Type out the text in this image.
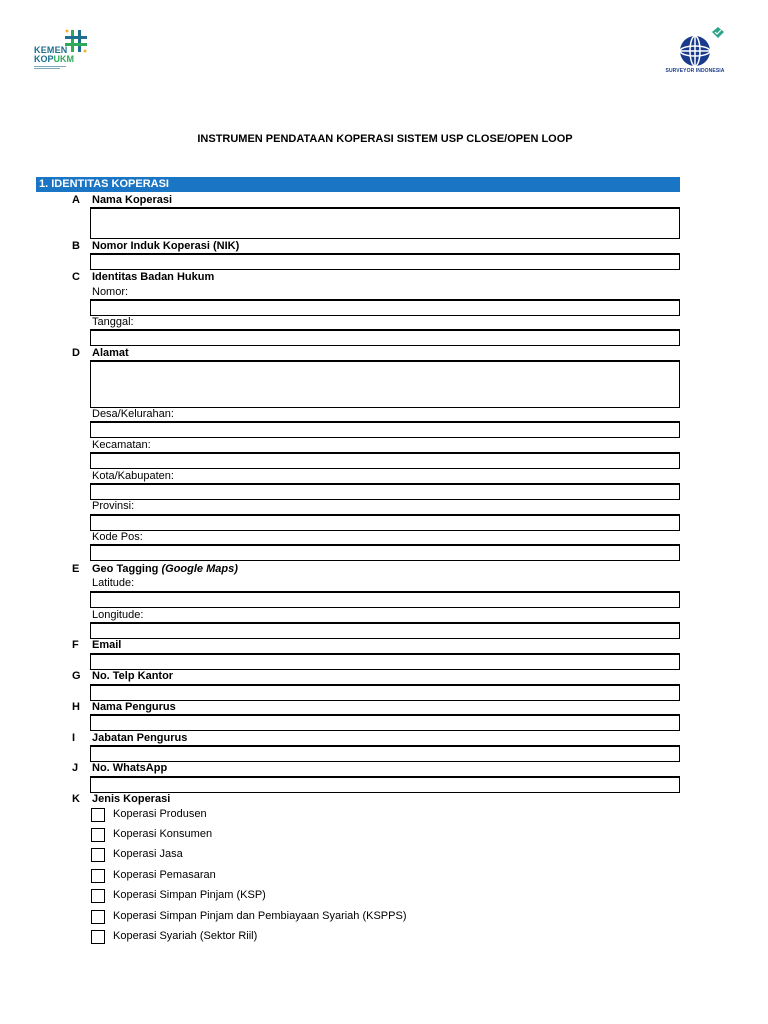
KEMEN
KOPUKM
SURVEYOR INDONESIA
INSTRUMEN PENDATAAN KOPERASI SISTEM USP CLOSE/OPEN LOOP
1. IDENTITAS KOPERASI
A Nama Koperasi
B Nomor Induk Koperasi (NIK)
C Identitas Badan Hukum
Nomor:
Tanggal:
D Alamat
Desa/Kelurahan:
Kecamatan:
Kota/Kabupaten:
Provinsi:
Kode Pos:
E Geo Tagging (Google Maps)
Latitude:
Longitude:
F Email
G No. Telp Kantor
H Nama Pengurus
I Jabatan Pengurus
J No. WhatsApp
K Jenis Koperasi
Koperasi Produsen
Koperasi Konsumen
Koperasi Jasa
Koperasi Pemasaran
Koperasi Simpan Pinjam (KSP)
Koperasi Simpan Pinjam dan Pembiayaan Syariah (KSPPS)
Koperasi Syariah (Sektor Riil)
